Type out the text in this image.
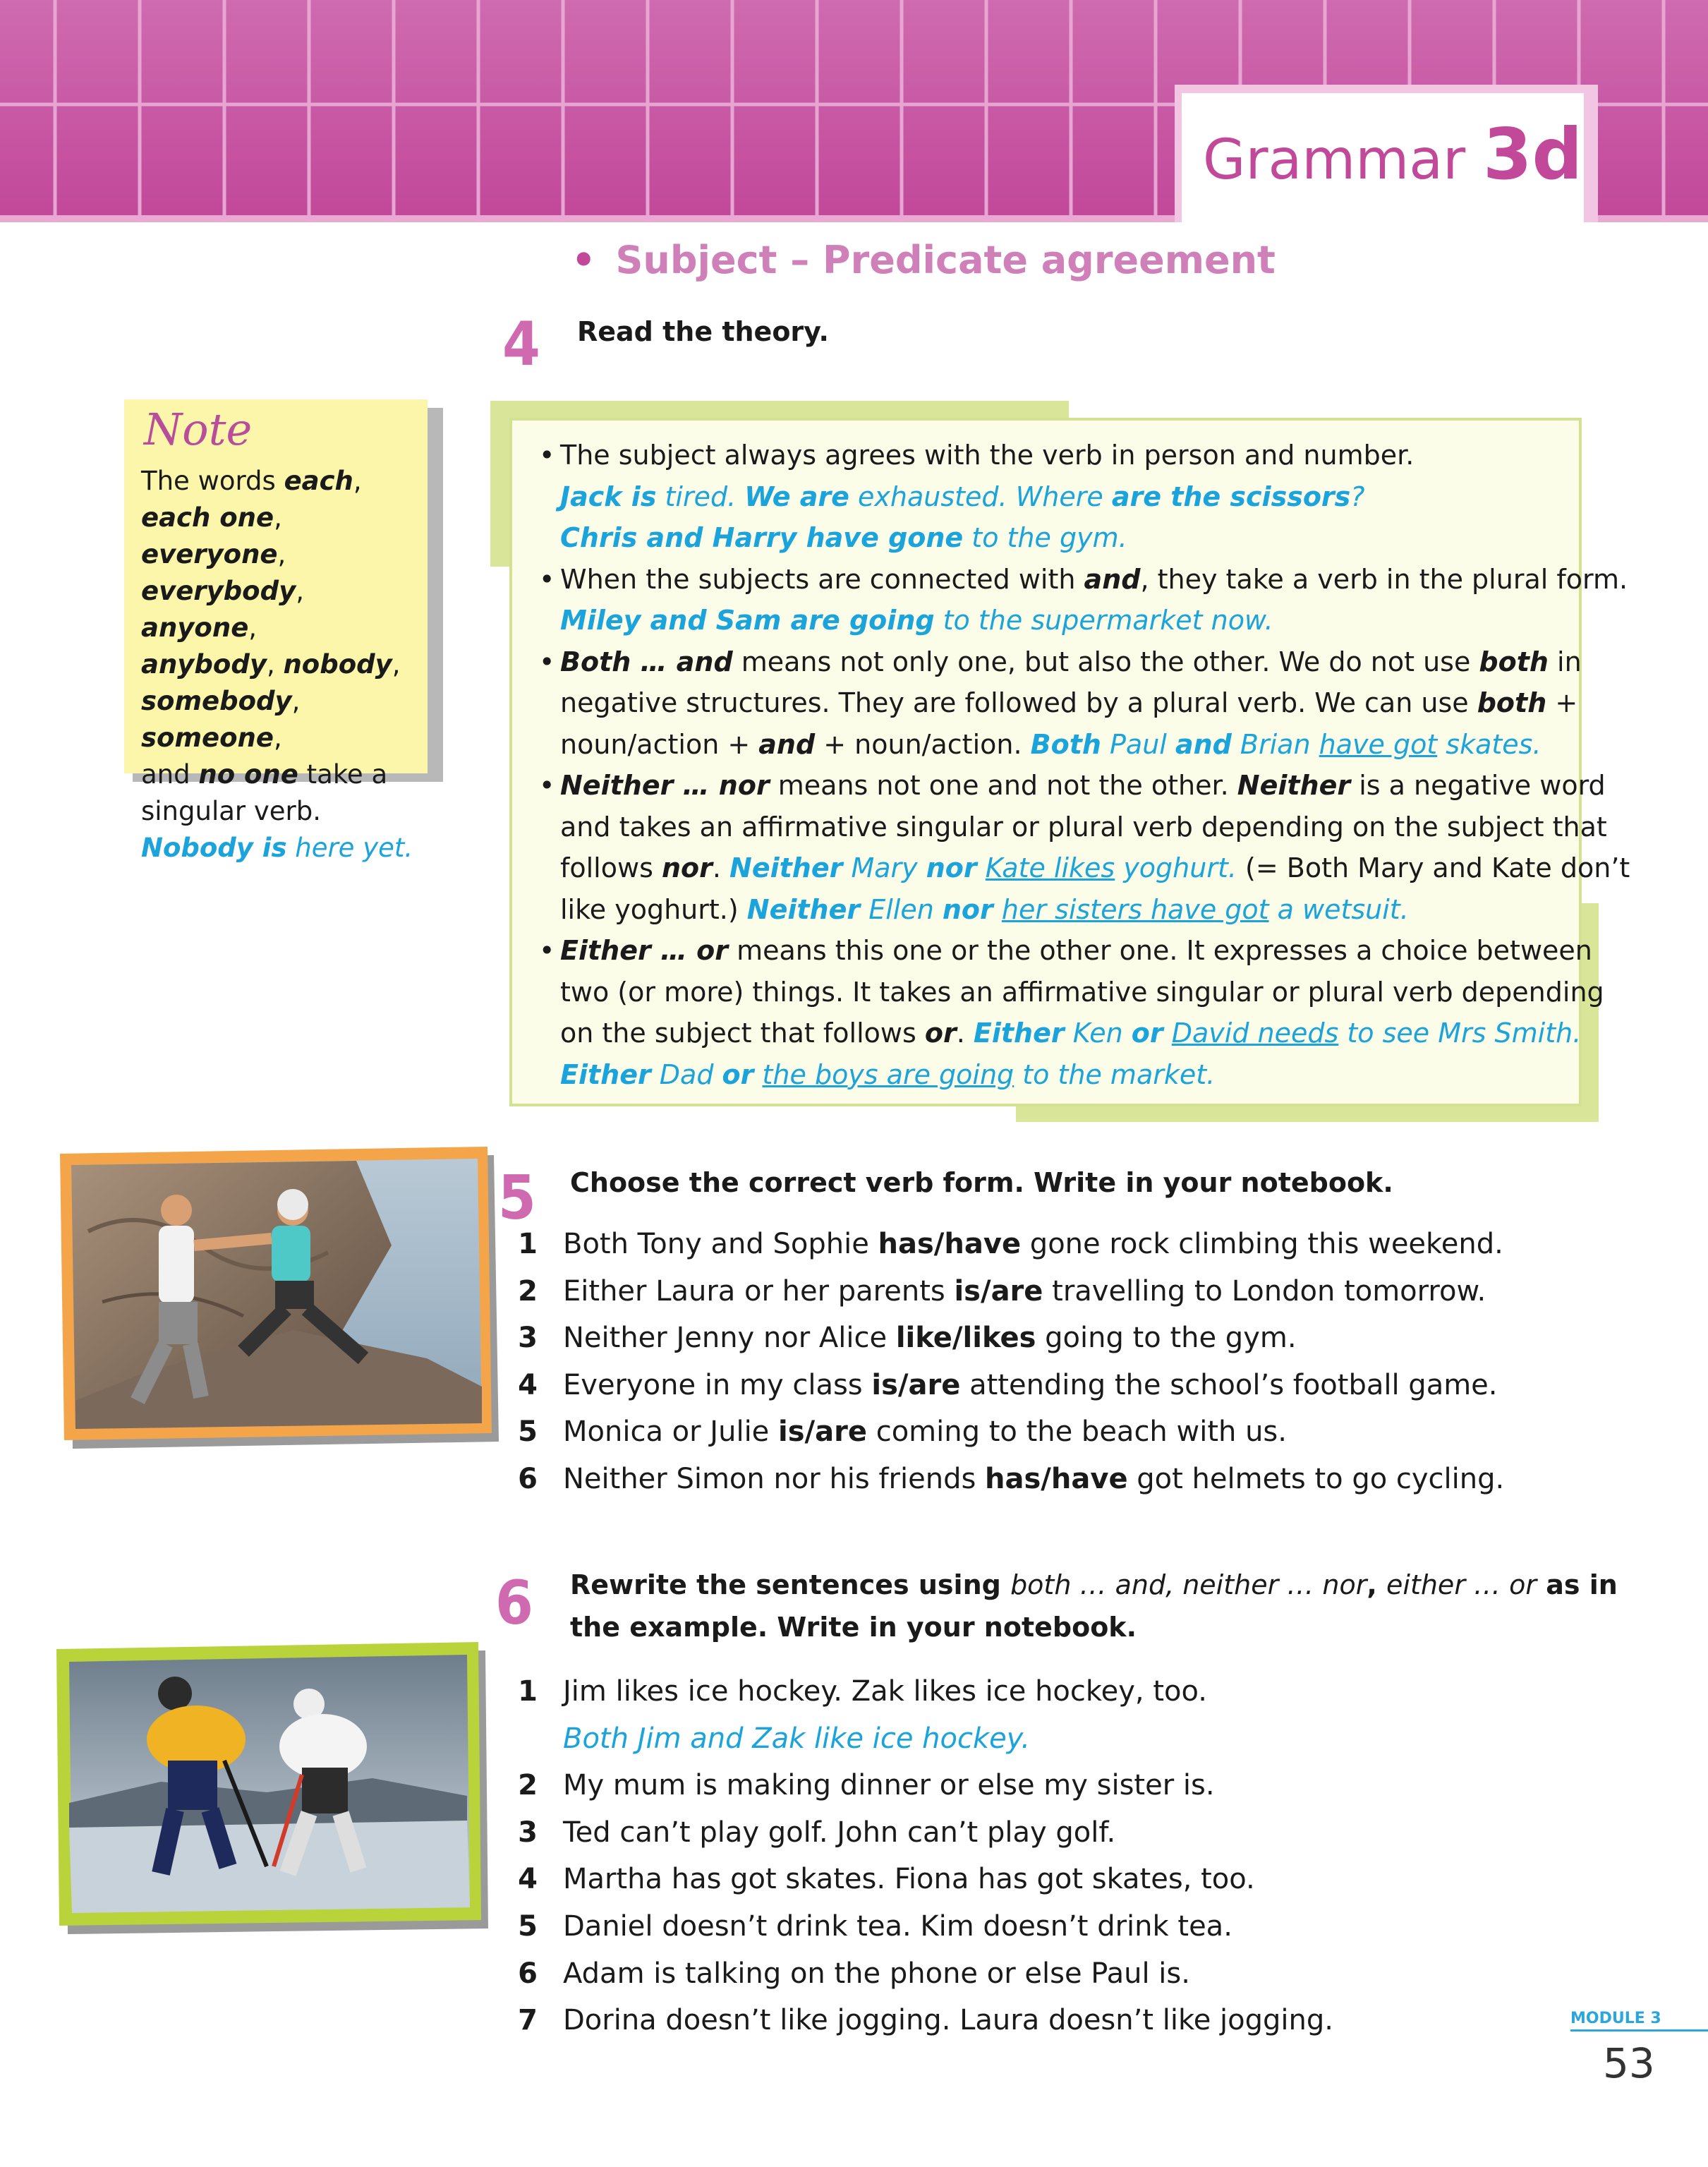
Grammar 3d
• Subject – Predicate agreement
4 Read the theory.
Note
The words each,
each one, everyone,
everybody, anyone,
anybody, nobody,
somebody, someone,
and no one take a
singular verb.
Nobody is here yet.
• The subject always agrees with the verb in person and number.
Jack is tired. We are exhausted. Where are the scissors?
Chris and Harry have gone to the gym.
• When the subjects are connected with and, they take a verb in the plural form.
Miley and Sam are going to the supermarket now.
• Both … and means not only one, but also the other. We do not use both in
negative structures. They are followed by a plural verb. We can use both +
noun/action + and + noun/action. Both Paul and Brian have got skates.
• Neither … nor means not one and not the other. Neither is a negative word
and takes an affirmative singular or plural verb depending on the subject that
follows nor. Neither Mary nor Kate likes yoghurt. (= Both Mary and Kate don’t
like yoghurt.) Neither Ellen nor her sisters have got a wetsuit.
• Either … or means this one or the other one. It expresses a choice between
two (or more) things. It takes an affirmative singular or plural verb depending
on the subject that follows or. Either Ken or David needs to see Mrs Smith.
Either Dad or the boys are going to the market.
5 Choose the correct verb form. Write in your notebook.
1 Both Tony and Sophie has/have gone rock climbing this weekend.
2 Either Laura or her parents is/are travelling to London tomorrow.
3 Neither Jenny nor Alice like/likes going to the gym.
4 Everyone in my class is/are attending the school’s football game.
5 Monica or Julie is/are coming to the beach with us.
6 Neither Simon nor his friends has/have got helmets to go cycling.
6 Rewrite the sentences using both … and, neither … nor, either … or as in
the example. Write in your notebook.
1 Jim likes ice hockey. Zak likes ice hockey, too.
Both Jim and Zak like ice hockey.
2 My mum is making dinner or else my sister is.
3 Ted can’t play golf. John can’t play golf.
4 Martha has got skates. Fiona has got skates, too.
5 Daniel doesn’t drink tea. Kim doesn’t drink tea.
6 Adam is talking on the phone or else Paul is.
7 Dorina doesn’t like jogging. Laura doesn’t like jogging.	MODULE 3
53
